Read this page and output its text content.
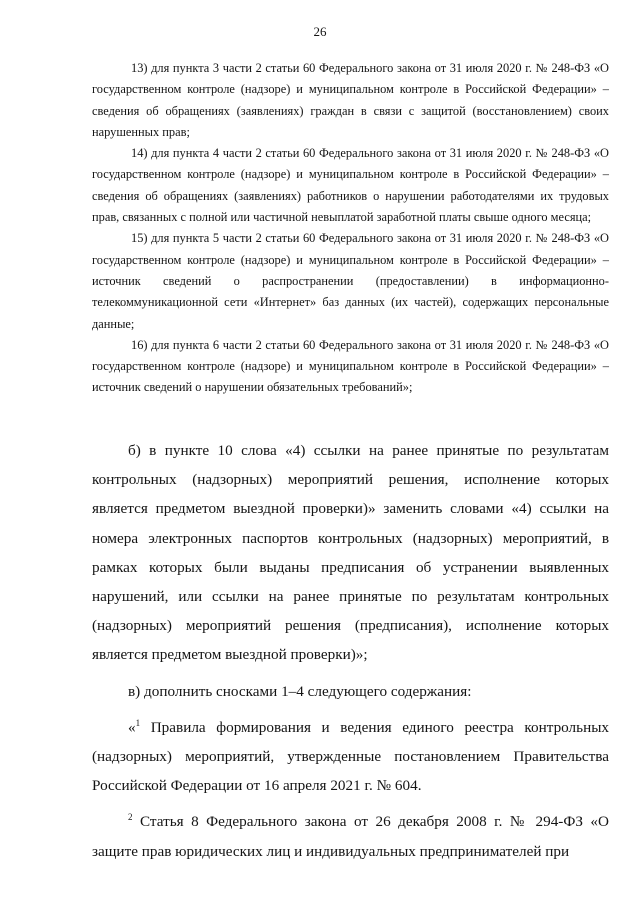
26

13) для пункта 3 части 2 статьи 60 Федерального закона от 31 июля 2020 г. № 248-ФЗ «О государственном контроле (надзоре) и муниципальном контроле в Российской Федерации» – сведения об обращениях (заявлениях) граждан в связи с защитой (восстановлением) своих нарушенных прав;

14) для пункта 4 части 2 статьи 60 Федерального закона от 31 июля 2020 г. № 248-ФЗ «О государственном контроле (надзоре) и муниципальном контроле в Российской Федерации» – сведения об обращениях (заявлениях) работников о нарушении работодателями их трудовых прав, связанных с полной или частичной невыплатой заработной платы свыше одного месяца;

15) для пункта 5 части 2 статьи 60 Федерального закона от 31 июля 2020 г. № 248-ФЗ «О государственном контроле (надзоре) и муниципальном контроле в Российской Федерации» – источник сведений о распространении (предоставлении) в информационно-телекоммуникационной сети «Интернет» баз данных (их частей), содержащих персональные данные;

16) для пункта 6 части 2 статьи 60 Федерального закона от 31 июля 2020 г. № 248-ФЗ «О государственном контроле (надзоре) и муниципальном контроле в Российской Федерации» – источник сведений о нарушении обязательных требований»;

б) в пункте 10 слова «4) ссылки на ранее принятые по результатам контрольных (надзорных) мероприятий решения, исполнение которых является предметом выездной проверки)» заменить словами «4) ссылки на номера электронных паспортов контрольных (надзорных) мероприятий, в рамках которых были выданы предписания об устранении выявленных нарушений, или ссылки на ранее принятые по результатам контрольных (надзорных) мероприятий решения (предписания), исполнение которых является предметом выездной проверки)»;

в) дополнить сносками 1–4 следующего содержания:

«$^1$ Правила формирования и ведения единого реестра контрольных (надзорных) мероприятий, утвержденные постановлением Правительства Российской Федерации от 16 апреля 2021 г. № 604.

$^2$ Статья 8 Федерального закона от 26 декабря 2008 г. № 294-ФЗ «О защите прав юридических лиц и индивидуальных предпринимателей при
